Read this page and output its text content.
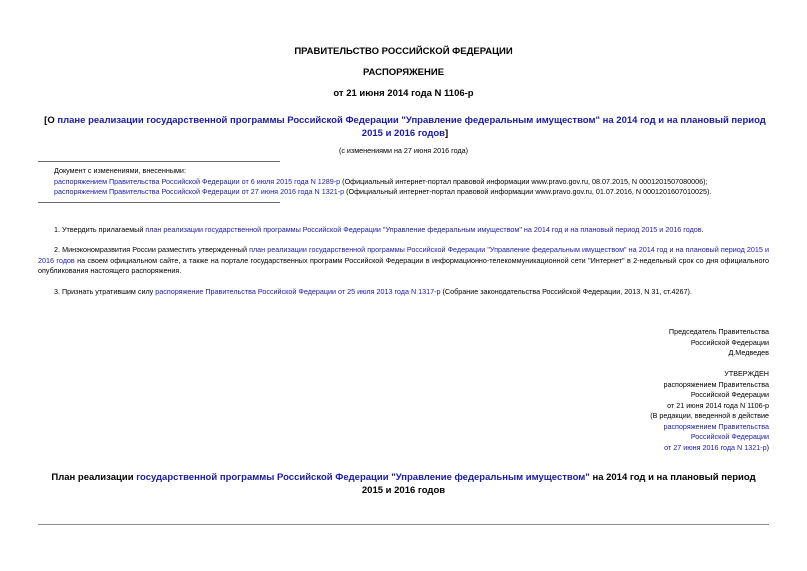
ПРАВИТЕЛЬСТВО РОССИЙСКОЙ ФЕДЕРАЦИИ
РАСПОРЯЖЕНИЕ
от 21 июня 2014 года N 1106-р
[О плане реализации государственной программы Российской Федерации "Управление федеральным имуществом" на 2014 год и на плановый период 2015 и 2016 годов]
(с изменениями на 27 июня 2016 года)
Документ с изменениями, внесенными:
распоряжением Правительства Российской Федерации от 6 июля 2015 года N 1289-р (Официальный интернет-портал правовой информации www.pravo.gov.ru, 08.07.2015, N 0001201507080006);
распоряжением Правительства Российской Федерации от 27 июня 2016 года N 1321-р (Официальный интернет-портал правовой информации www.pravo.gov.ru, 01.07.2016, N 0001201607010025).
1. Утвердить прилагаемый план реализации государственной программы Российской Федерации "Управление федеральным имуществом" на 2014 год и на плановый период 2015 и 2016 годов.
2. Минэкономразвития России разместить утвержденный план реализации государственной программы Российской Федерации "Управление федеральным имуществом" на 2014 год и на плановый период 2015 и 2016 годов на своем официальном сайте, а также на портале государственных программ Российской Федерации в информационно-телекоммуникационной сети "Интернет" в 2-недельный срок со дня официального опубликования настоящего распоряжения.
3. Признать утратившим силу распоряжение Правительства Российской Федерации от 25 июля 2013 года N 1317-р (Собрание законодательства Российской Федерации, 2013, N 31, ст.4267).
Председатель Правительства
Российской Федерации
Д.Медведев
УТВЕРЖДЕН
распоряжением Правительства
Российской Федерации
от 21 июня 2014 года N 1106-р
(В редакции, введенной в действие
распоряжением Правительства
Российской Федерации
от 27 июня 2016 года N 1321-р)
План реализации государственной программы Российской Федерации "Управление федеральным имуществом" на 2014 год и на плановый период 2015 и 2016 годов
